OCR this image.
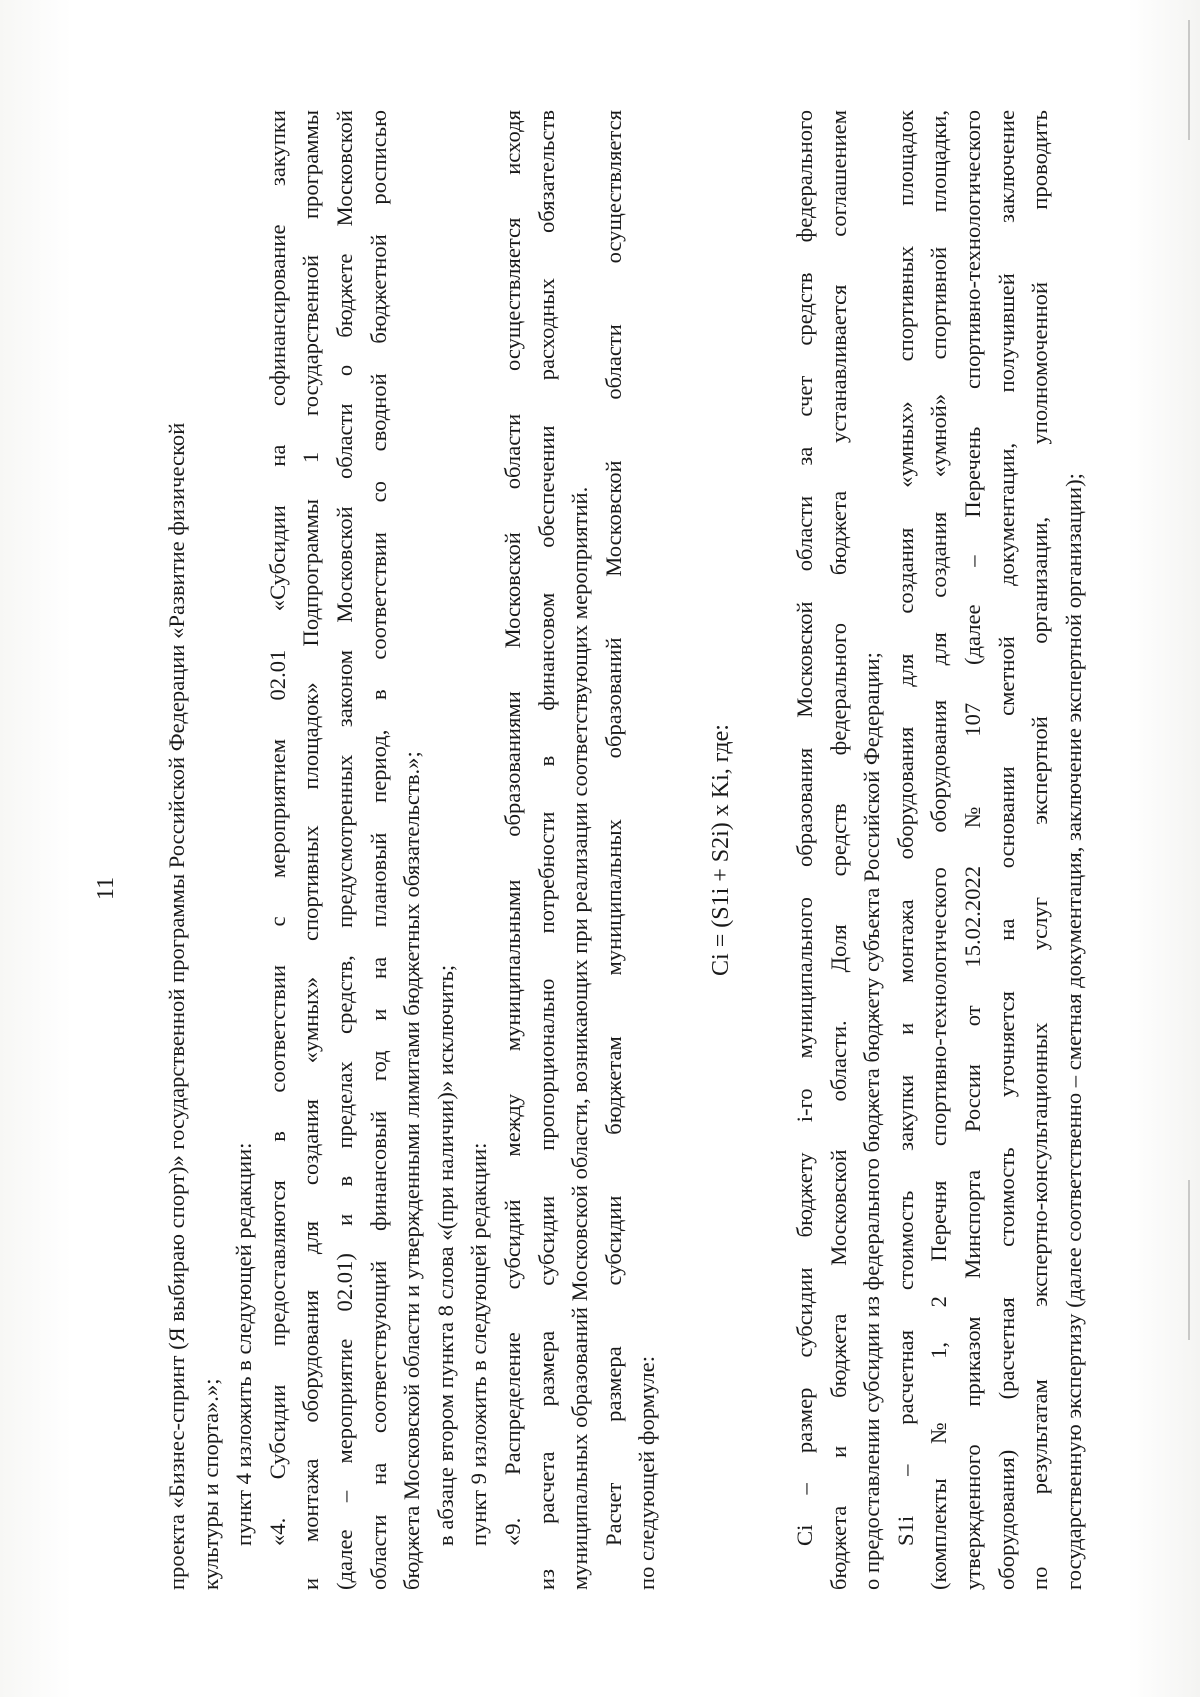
11 проекта «Бизнес-спринт (Я выбираю спорт)» государственной программы Российской Федерации «Развитие физической культуры и спорта».»; пункт 4 изложить в следующей редакции: «4. Субсидии предоставляются в соответствии с мероприятием 02.01 «Субсидии на софинансирование закупки и монтажа оборудования для создания «умных» спортивных площадок» Подпрограммы 1 государственной программы (далее – мероприятие 02.01) и в пределах средств, предусмотренных законом Московской области о бюджете Московской области на соответствующий финансовый год и на плановый период, в соответствии со сводной бюджетной росписью бюджета Московской области и утвержденными лимитами бюджетных обязательств.»; в абзаце втором пункта 8 слова «(при наличии)» исключить; пункт 9 изложить в следующей редакции: «9. Распределение субсидий между муниципальными образованиями Московской области осуществляется исходя из расчета размера субсидии пропорционально потребности в финансовом обеспечении расходных обязательств муниципальных образований Московской области, возникающих при реализации соответствующих мероприятий. Расчет размера субсидии бюджетам муниципальных образований Московской области осуществляется по следующей формуле:
Ci = (S1i + S2i) x Ki, где:	Ci – размер субсидии бюджету i-го муниципального образования Московской области за счет средств федерального бюджета и бюджета Московской области. Доля средств федерального бюджета устанавливается соглашением о предоставлении субсидии из федерального бюджета бюджету субъекта Российской Федерации; S1i – расчетная стоимость закупки и монтажа оборудования для создания «умных» спортивных площадок (комплекты № 1, 2 Перечня спортивно-технологического оборудования для создания «умной» спортивной площадки, утвержденного приказом Минспорта России от 15.02.2022 № 107 (далее – Перечень спортивно-технологического оборудования) (расчетная стоимость уточняется на основании сметной документации, получившей заключение по результатам экспертно-консультационных услуг экспертной организации, уполномоченной проводить государственную экспертизу (далее соответственно – сметная документация, заключение экспертной организации);
